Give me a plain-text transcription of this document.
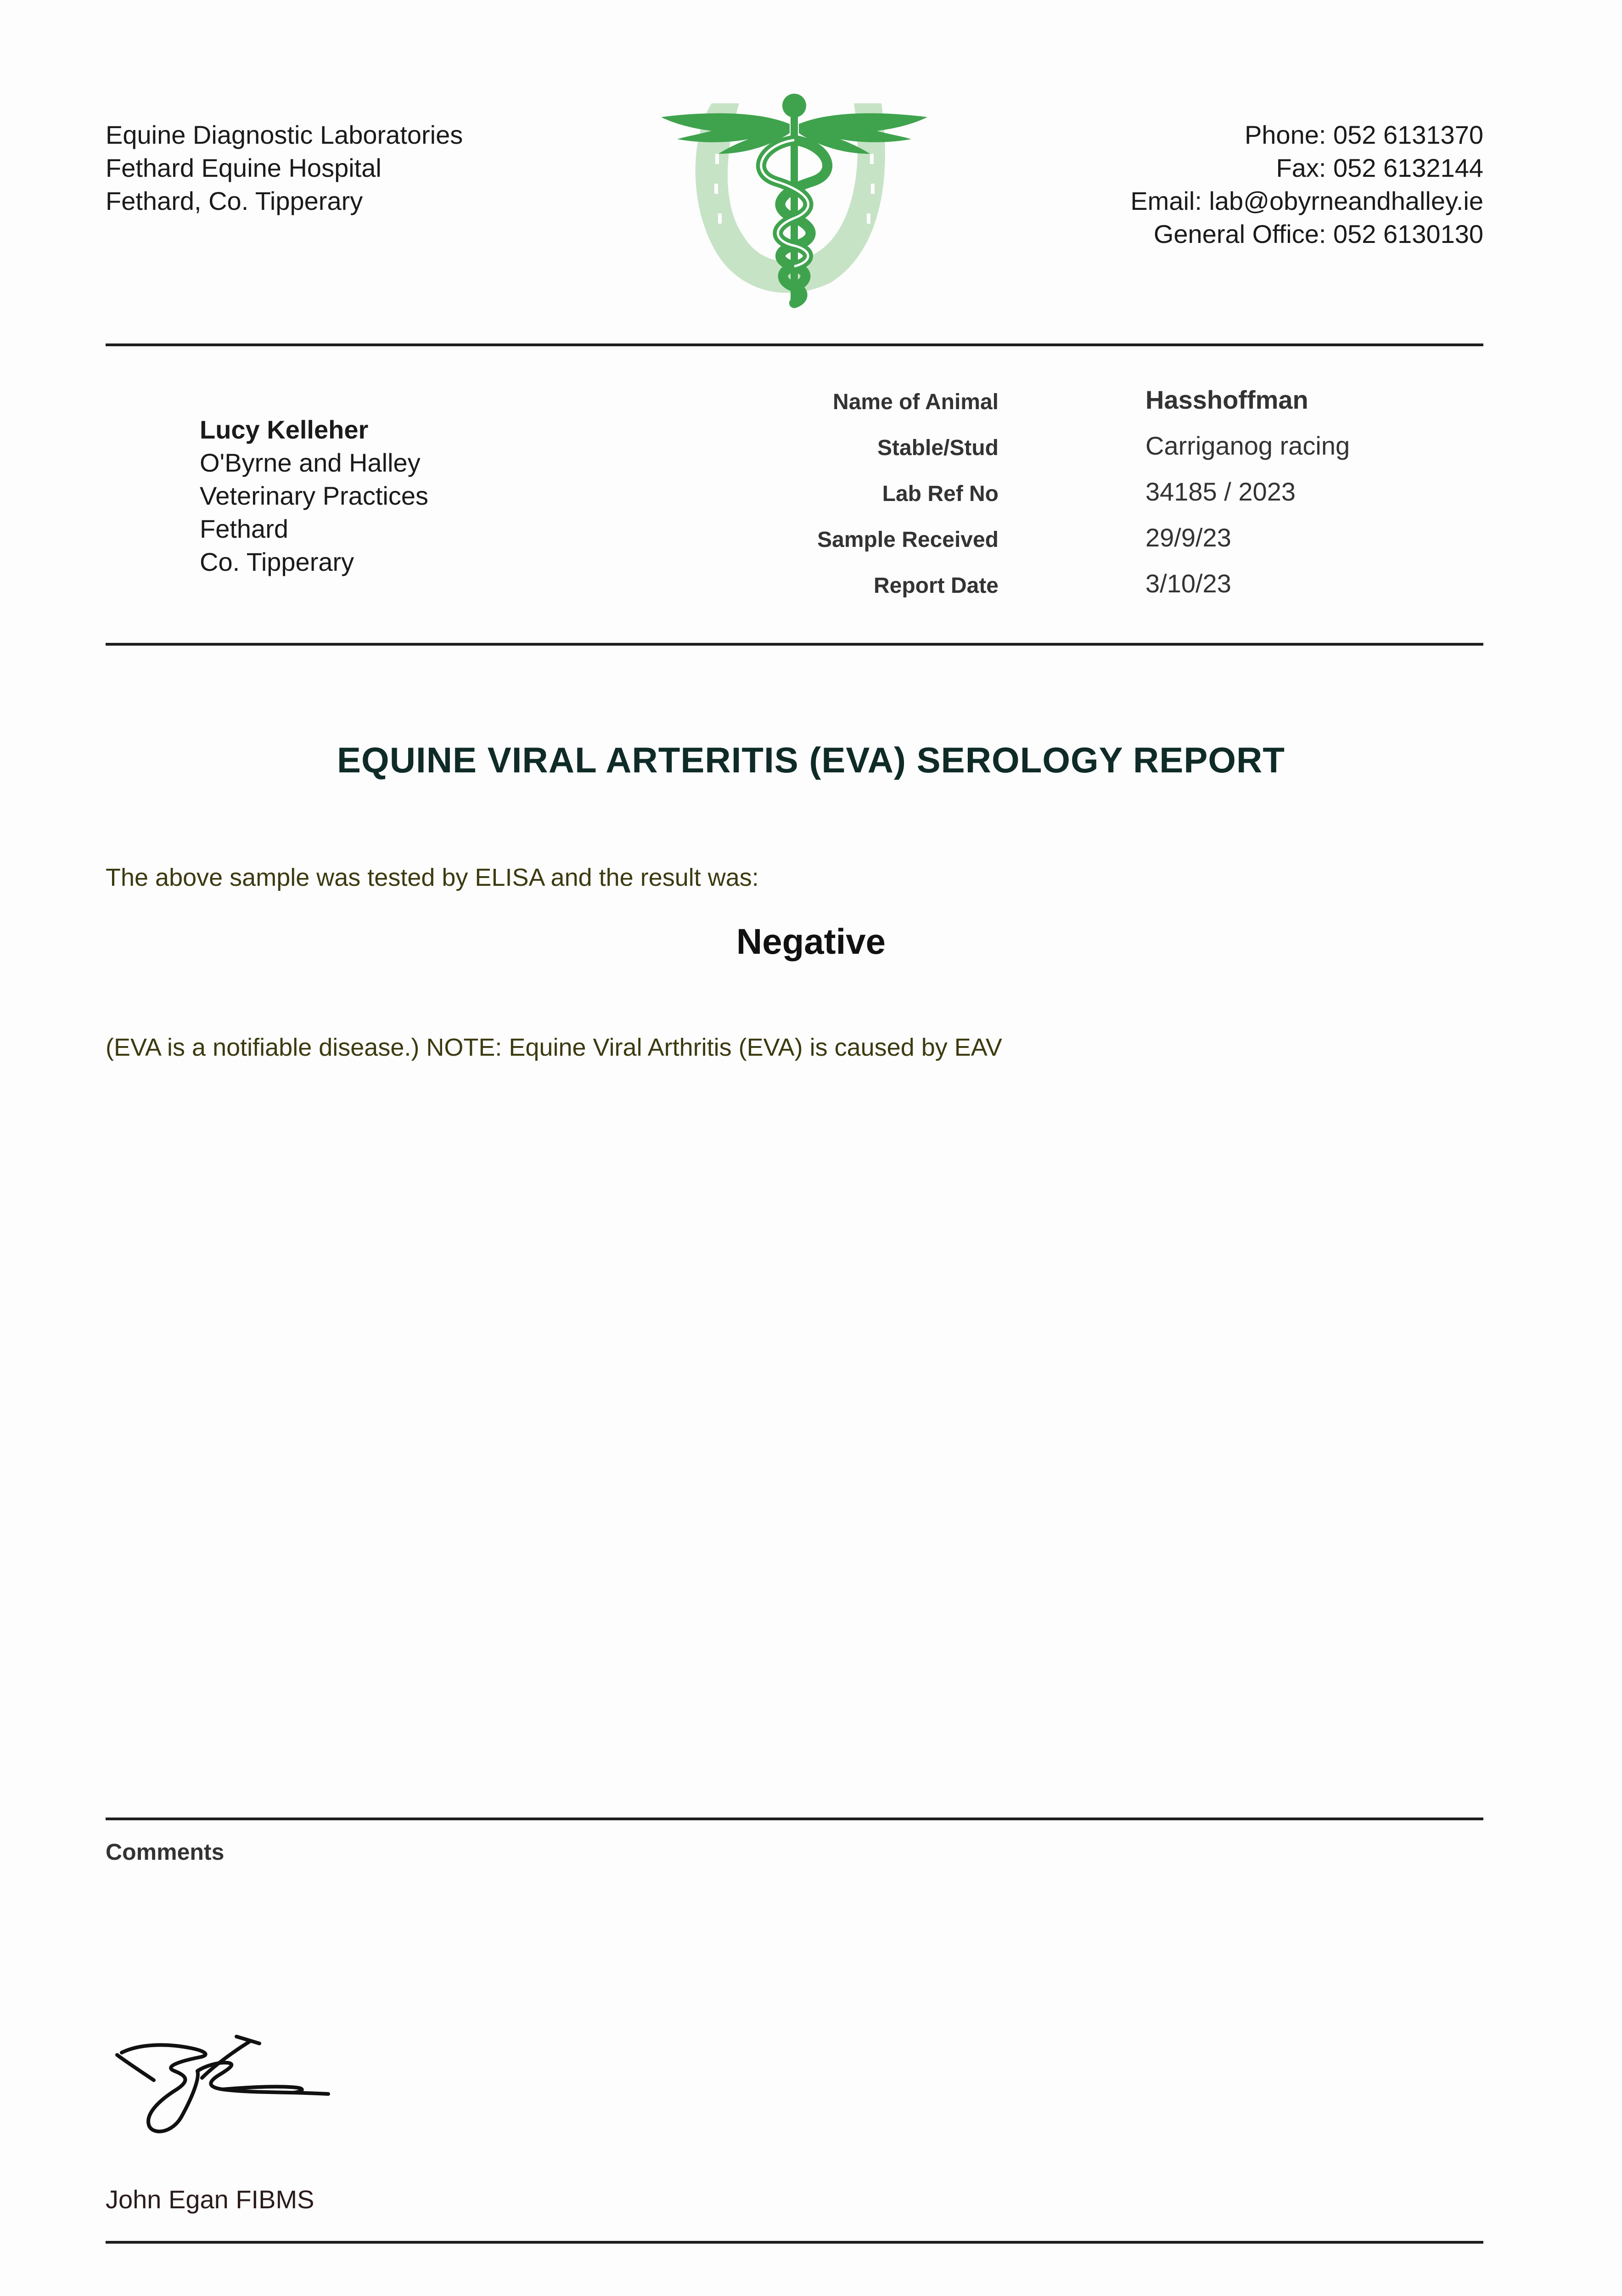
Equine Diagnostic Laboratories
Fethard Equine Hospital
Fethard, Co. Tipperary
Phone: 052 6131370
Fax: 052 6132144
Email: lab@obyrneandhalley.ie
General Office: 052 6130130
Lucy Kelleher
O'Byrne and Halley
Veterinary Practices
Fethard
Co. Tipperary
Name of Animal	Hasshoffman
Stable/Stud	Carriganog racing
Lab Ref No	34185 / 2023
Sample Received	29/9/23
Report Date	3/10/23
EQUINE VIRAL ARTERITIS (EVA) SEROLOGY REPORT
The above sample was tested by ELISA and the result was:
Negative
(EVA is a notifiable disease.) NOTE: Equine Viral Arthritis (EVA) is caused by EAV
Comments
John Egan FIBMS
